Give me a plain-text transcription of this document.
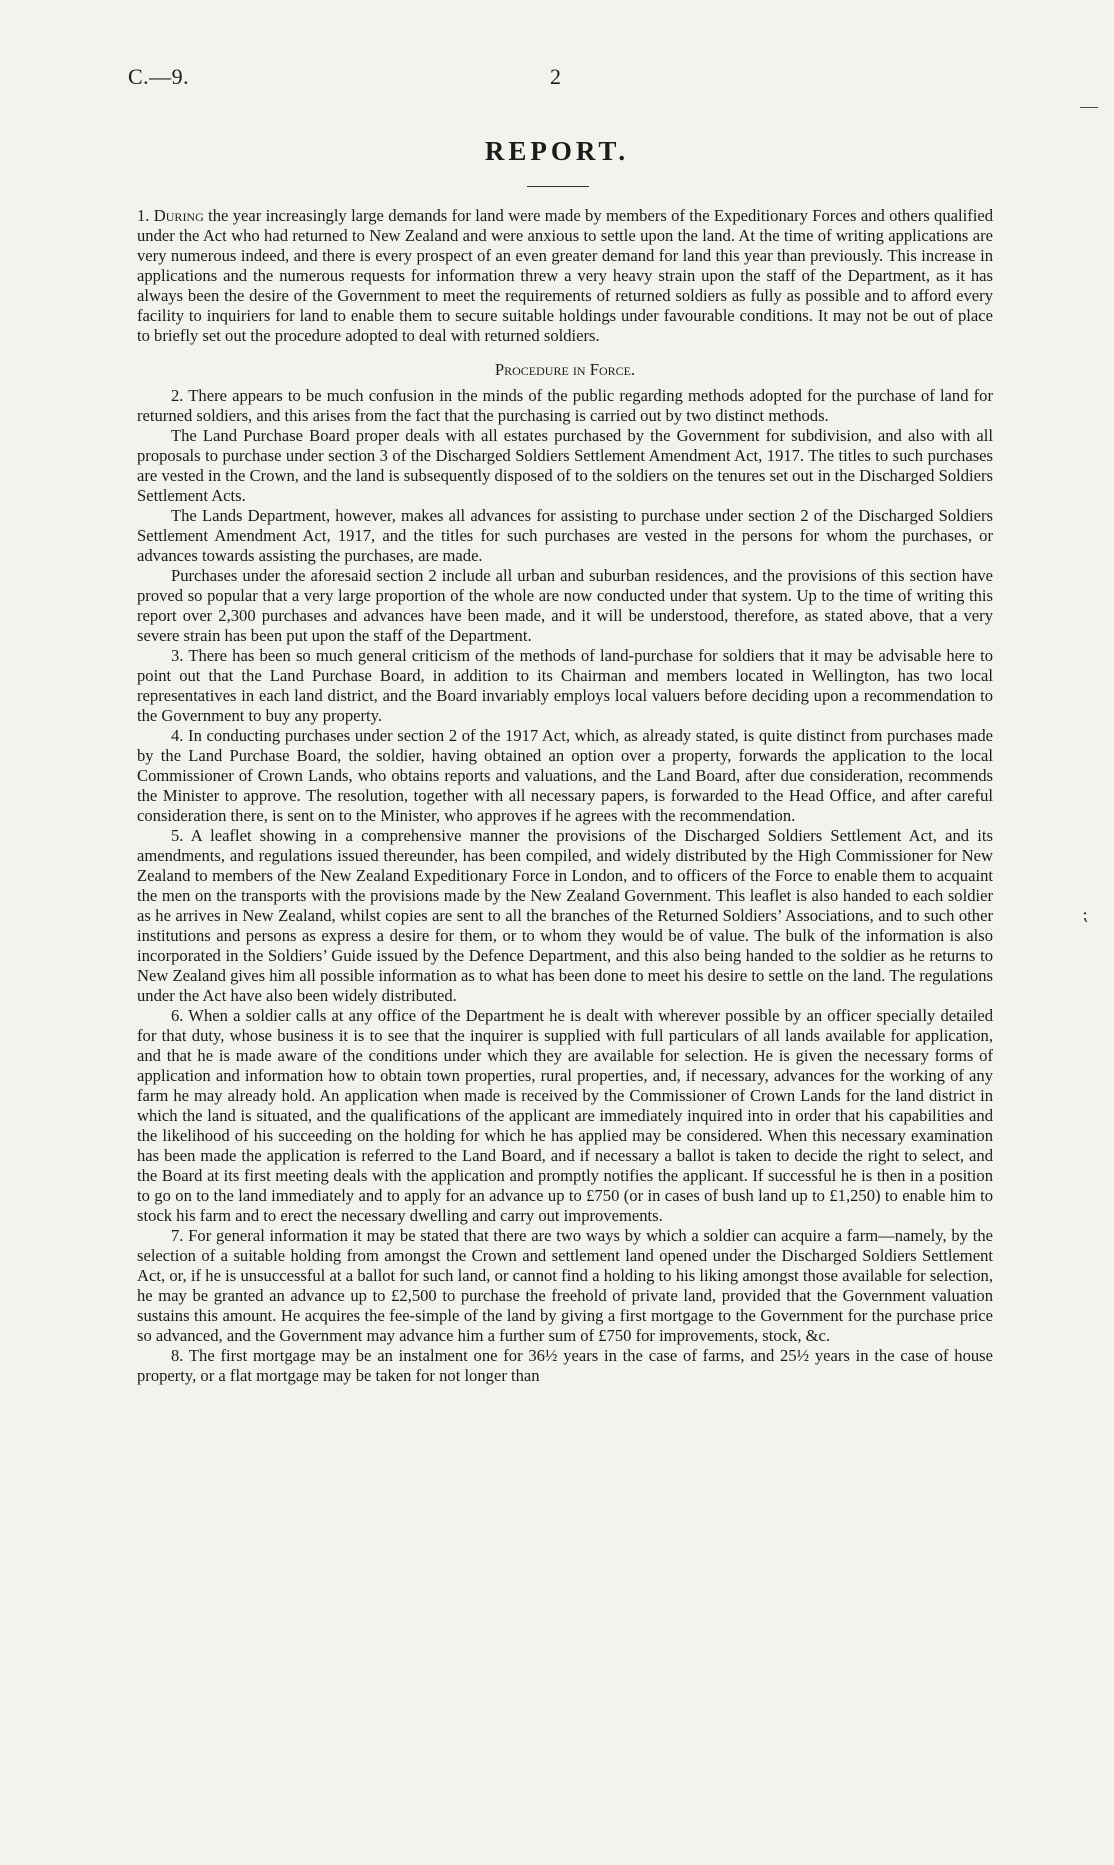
C.—9.	2
REPORT.
—
⁏

1. During the year increasingly large demands for land were made by members of the Expeditionary Forces and others qualified under the Act who had returned to New Zealand and were anxious to settle upon the land. At the time of writing applications are very numerous indeed, and there is every prospect of an even greater demand for land this year than previously. This increase in applications and the numerous requests for information threw a very heavy strain upon the staff of the Department, as it has always been the desire of the Government to meet the requirements of returned soldiers as fully as possible and to afford every facility to inquiriers for land to enable them to secure suitable holdings under favourable conditions. It may not be out of place to briefly set out the procedure adopted to deal with returned soldiers.

Procedure in Force.

2. There appears to be much confusion in the minds of the public regarding methods adopted for the purchase of land for returned soldiers, and this arises from the fact that the purchasing is carried out by two distinct methods.

The Land Purchase Board proper deals with all estates purchased by the Government for subdivision, and also with all proposals to purchase under section 3 of the Discharged Soldiers Settlement Amendment Act, 1917. The titles to such purchases are vested in the Crown, and the land is subsequently disposed of to the soldiers on the tenures set out in the Discharged Soldiers Settlement Acts.

The Lands Department, however, makes all advances for assisting to purchase under section 2 of the Discharged Soldiers Settlement Amendment Act, 1917, and the titles for such purchases are vested in the persons for whom the purchases, or advances towards assisting the purchases, are made.

Purchases under the aforesaid section 2 include all urban and suburban residences, and the provisions of this section have proved so popular that a very large proportion of the whole are now conducted under that system. Up to the time of writing this report over 2,300 purchases and advances have been made, and it will be understood, therefore, as stated above, that a very severe strain has been put upon the staff of the Department.

3. There has been so much general criticism of the methods of land-purchase for soldiers that it may be advisable here to point out that the Land Purchase Board, in addition to its Chairman and members located in Wellington, has two local representatives in each land district, and the Board invariably employs local valuers before deciding upon a recommendation to the Government to buy any property.

4. In conducting purchases under section 2 of the 1917 Act, which, as already stated, is quite distinct from purchases made by the Land Purchase Board, the soldier, having obtained an option over a property, forwards the application to the local Commissioner of Crown Lands, who obtains reports and valuations, and the Land Board, after due consideration, recommends the Minister to approve. The resolution, together with all necessary papers, is forwarded to the Head Office, and after careful consideration there, is sent on to the Minister, who approves if he agrees with the recommendation.

5. A leaflet showing in a comprehensive manner the provisions of the Discharged Soldiers Settlement Act, and its amendments, and regulations issued thereunder, has been compiled, and widely distributed by the High Commissioner for New Zealand to members of the New Zealand Expeditionary Force in London, and to officers of the Force to enable them to acquaint the men on the transports with the provisions made by the New Zealand Government. This leaflet is also handed to each soldier as he arrives in New Zealand, whilst copies are sent to all the branches of the Returned Soldiers’ Associations, and to such other institutions and persons as express a desire for them, or to whom they would be of value. The bulk of the information is also incorporated in the Soldiers’ Guide issued by the Defence Department, and this also being handed to the soldier as he returns to New Zealand gives him all possible information as to what has been done to meet his desire to settle on the land. The regulations under the Act have also been widely distributed.

6. When a soldier calls at any office of the Department he is dealt with wherever possible by an officer specially detailed for that duty, whose business it is to see that the inquirer is supplied with full particulars of all lands available for application, and that he is made aware of the conditions under which they are available for selection. He is given the necessary forms of application and information how to obtain town properties, rural properties, and, if necessary, advances for the working of any farm he may already hold. An application when made is received by the Commissioner of Crown Lands for the land district in which the land is situated, and the qualifications of the applicant are immediately inquired into in order that his capabilities and the likelihood of his succeeding on the holding for which he has applied may be considered. When this necessary examination has been made the application is referred to the Land Board, and if necessary a ballot is taken to decide the right to select, and the Board at its first meeting deals with the application and promptly notifies the applicant. If successful he is then in a position to go on to the land immediately and to apply for an advance up to £750 (or in cases of bush land up to £1,250) to enable him to stock his farm and to erect the necessary dwelling and carry out improvements.

7. For general information it may be stated that there are two ways by which a soldier can acquire a farm—namely, by the selection of a suitable holding from amongst the Crown and settlement land opened under the Discharged Soldiers Settlement Act, or, if he is unsuccessful at a ballot for such land, or cannot find a holding to his liking amongst those available for selection, he may be granted an advance up to £2,500 to purchase the freehold of private land, provided that the Government valuation sustains this amount. He acquires the fee-simple of the land by giving a first mortgage to the Government for the purchase price so advanced, and the Government may advance him a further sum of £750 for improvements, stock, &c.

8. The first mortgage may be an instalment one for 36½ years in the case of farms, and 25½ years in the case of house property, or a flat mortgage may be taken for not longer than
